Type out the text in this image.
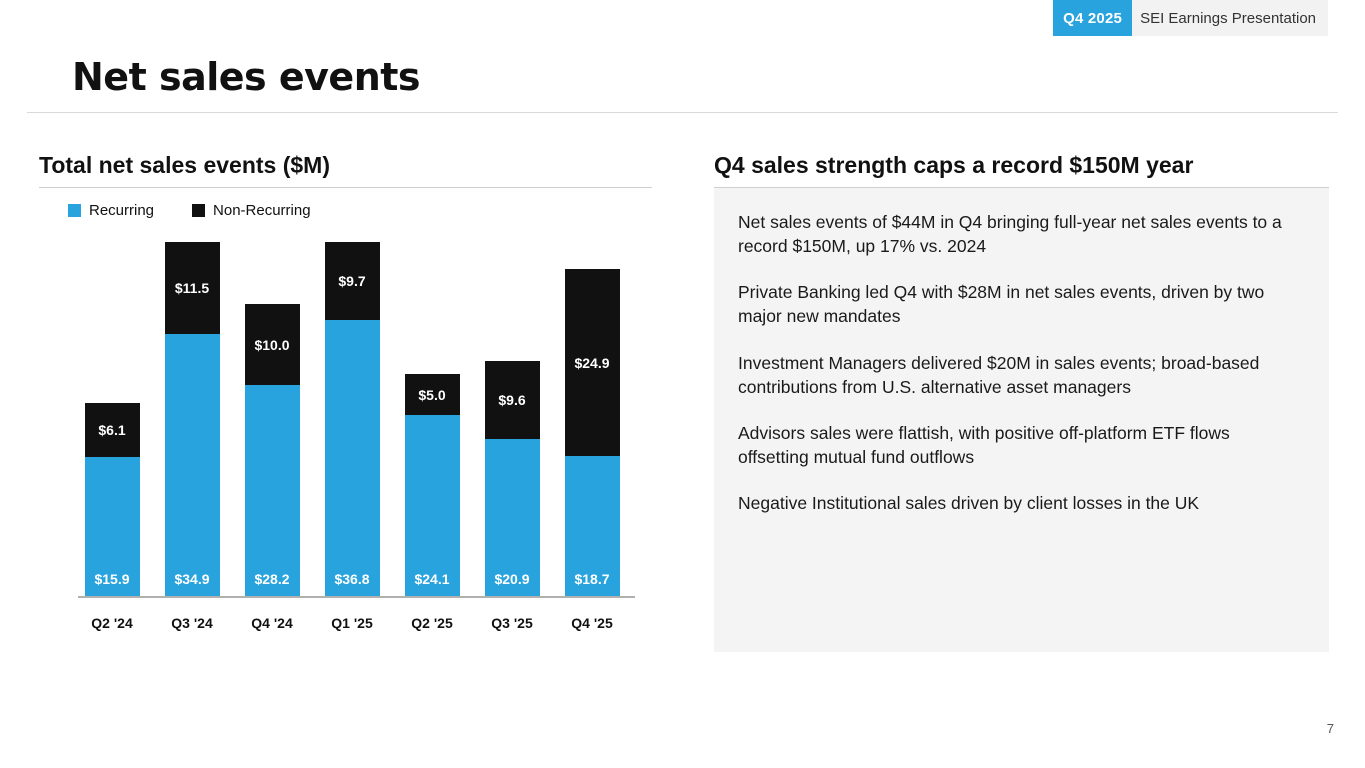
Q4 2025	SEI Earnings Presentation
Net sales events
Total net sales events ($M)
Recurring	Non-Recurring
$6.1
$15.9
$11.5
$34.9
$10.0
$28.2
$9.7
$36.8
$5.0
$24.1
$9.6
$20.9
$24.9
$18.7
Q2 '24	Q3 '24	Q4 '24	Q1 '25	Q2 '25	Q3 '25	Q4 '25
Q4 sales strength caps a record $150M year
Net sales events of $44M in Q4 bringing full-year net sales events to a record $150M, up 17% vs. 2024
Private Banking led Q4 with $28M in net sales events, driven by two major new mandates
Investment Managers delivered $20M in sales events; broad-based contributions from U.S. alternative asset managers
Advisors sales were flattish, with positive off-platform ETF flows offsetting mutual fund outflows
Negative Institutional sales driven by client losses in the UK
7
